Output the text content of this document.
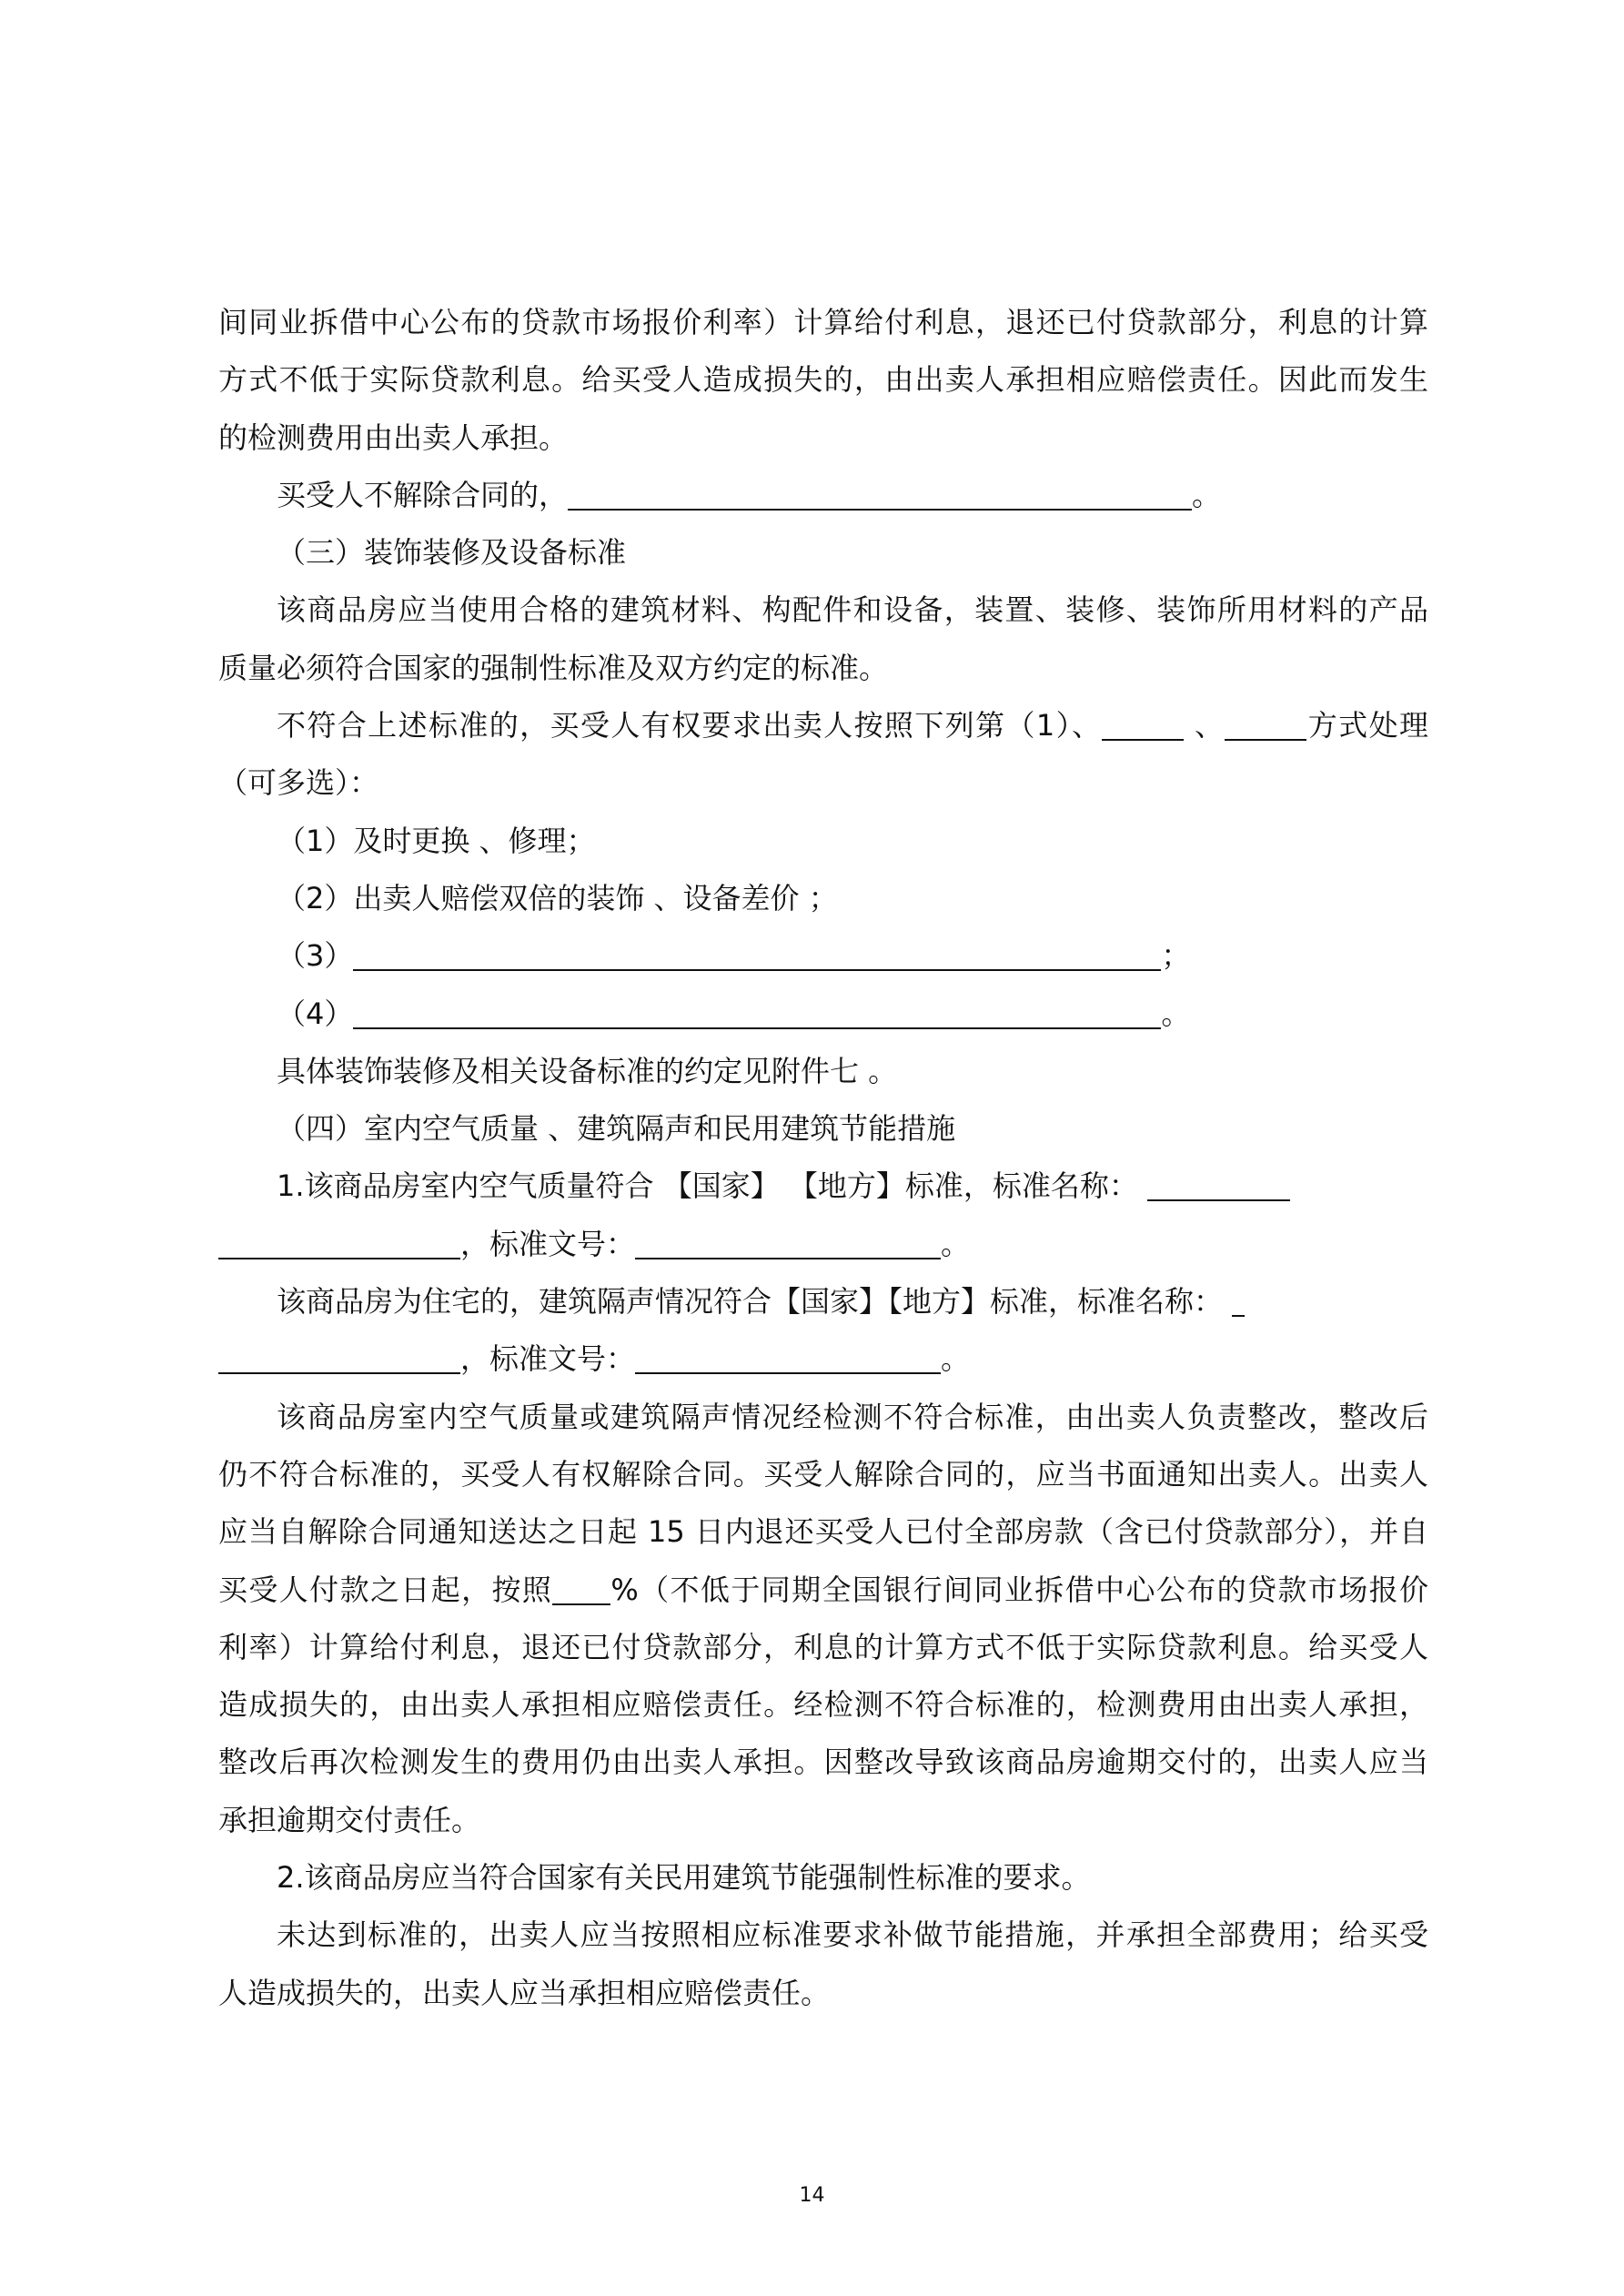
间同业拆借中心公布的贷款市场报价利率）计算给付利息，退还已付贷款部分，利息的计算
方式不低于实际贷款利息。给买受人造成损失的，由出卖人承担相应赔偿责任。因此而发生
的检测费用由出卖人承担。
买受人不解除合同的，	。
（三）装饰装修及设备标准
该商品房应当使用合格的建筑材料、构配件和设备，装置、装修、装饰所用材料的产品
质量必须符合国家的强制性标准及双方约定的标准。
不符合上述标准的，买受人有权要求出卖人按照下列第（1）、	、	方式处理
（可多选）：
（1）及时更换 、修理；
（2）出卖人赔偿双倍的装饰 、设备差价 ；
（3）	；
（4）	。
具体装饰装修及相关设备标准的约定见附件七 。
（四）室内空气质量 、建筑隔声和民用建筑节能措施
1.该商品房室内空气质量符合 【国家】 【地方】标准，标准名称：
，标准文号：	。
该商品房为住宅的，建筑隔声情况符合【国家】【地方】标准，标准名称：
，标准文号：	。
该商品房室内空气质量或建筑隔声情况经检测不符合标准，由出卖人负责整改，整改后
仍不符合标准的，买受人有权解除合同。买受人解除合同的，应当书面通知出卖人。出卖人
应当自解除合同通知送达之日起 15 日内退还买受人已付全部房款（含已付贷款部分），并自
买受人付款之日起，按照 %（不低于同期全国银行间同业拆借中心公布的贷款市场报价
利率）计算给付利息，退还已付贷款部分，利息的计算方式不低于实际贷款利息。给买受人
造成损失的，由出卖人承担相应赔偿责任。经检测不符合标准的，检测费用由出卖人承担，
整改后再次检测发生的费用仍由出卖人承担。因整改导致该商品房逾期交付的，出卖人应当
承担逾期交付责任。
2.该商品房应当符合国家有关民用建筑节能强制性标准的要求。
未达到标准的，出卖人应当按照相应标准要求补做节能措施，并承担全部费用；给买受
人造成损失的，出卖人应当承担相应赔偿责任。
14
